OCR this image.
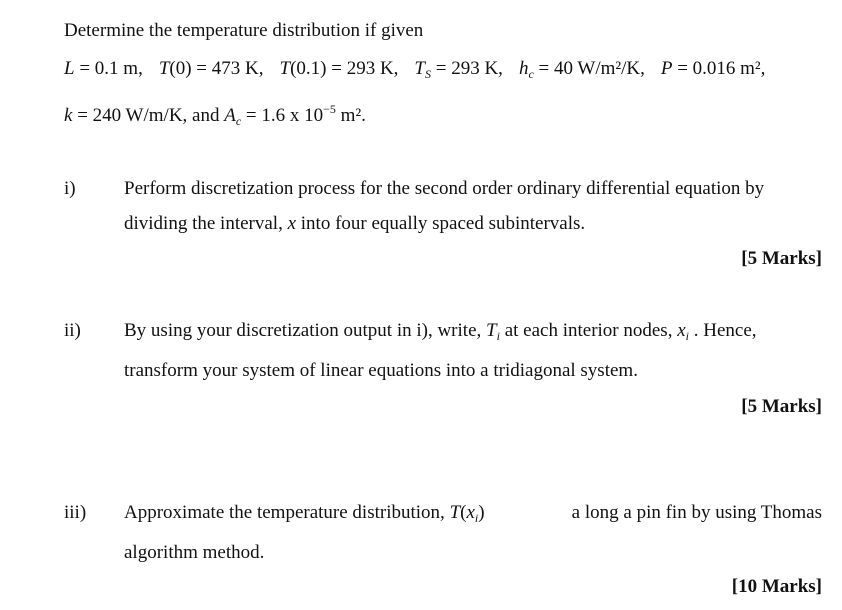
Determine the temperature distribution if given
L = 0.1 m, T(0) = 473 K, T(0.1) = 293 K, $T_S = 293$ K, $h_c = 40$ W/m²/K, P = 0.016 m²,
k = 240 W/m/K, and $A_c = 1.6$ x $10^{-5}$ m².
i)	Perform discretization process for the second order ordinary differential equation by
dividing the interval, x into four equally spaced subintervals.
[5 Marks]
ii) By using your discretization output in i), write, $T_i$ at each interior nodes, $x_i$ . Hence,
transform your system of linear equations into a tridiagonal system.
[5 Marks]
iii) Approximate the temperature distribution, $T(x_i)$	a long a pin fin by using Thomas
algorithm method.
[10 Marks]
